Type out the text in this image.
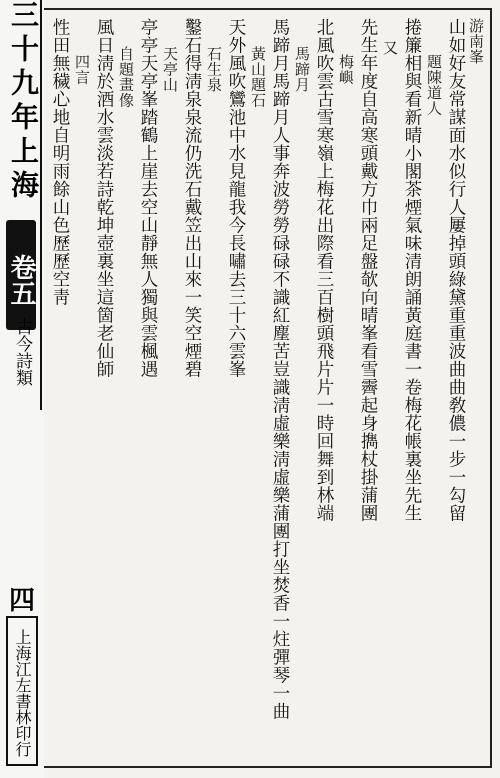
三十九年上海
卷五
古今詩類
四
上海江左書林印行
游南峯
山如好友常謀面水似行人屢掉頭綠黛重重波曲曲敎儂一步一勾留
題陳道人
捲簾相與看新晴小閣茶煙氣味清朗誦黃庭書一卷梅花帳裏坐先生
又
先生年度自高寒頭戴方巾兩足盤欹向晴峯看雪霽起身擕杖掛蒲團
梅嶼
北風吹雲古雪寒嶺上梅花出際看三百樹頭飛片片一時回舞到林端
馬蹄月
馬蹄月馬蹄月人事奔波勞勞碌碌不識紅塵苦豈識淸虛樂淸虛樂蒲團打坐焚香一炷彈琴一曲
黃山題石
天外風吹鸞池中水見龍我今長嘯去三十六雲峯
石生泉
鑿石得淸泉泉流仍洗石戴笠出山來一笑空煙碧
天亭山
亭亭天亭峯踏鶴上崖去空山靜無人獨與雲楓遇
自題畫像
風日淸於酒水雲淡若詩乾坤壺裏坐這箇老仙師
四言
性田無穢心地自明雨餘山色歷歷空靑
